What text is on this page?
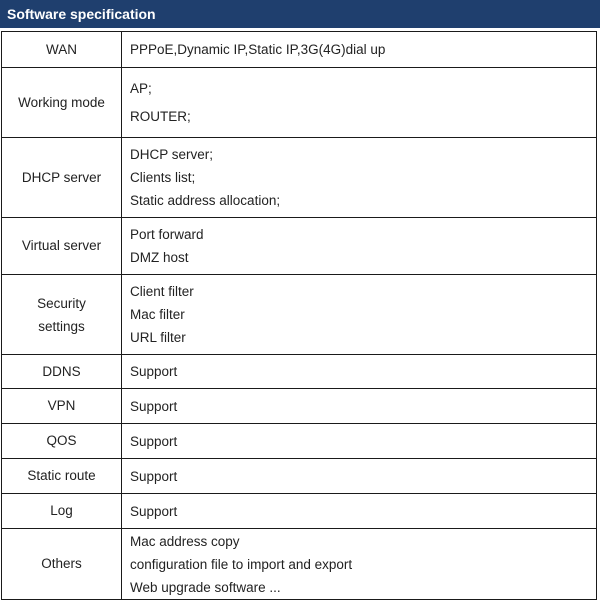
Software specification
WAN	PPPoE,Dynamic IP,Static IP,3G(4G)dial up

Working mode	AP;
ROUTER;

DHCP server	DHCP server;
Clients list;
Static address allocation;

Virtual server	Port forward
DMZ host

Security
settings	Client filter
Mac filter
URL filter

DDNS	Support

VPN	Support

QOS	Support

Static route	Support

Log	Support

Others	Mac address copy
configuration file to import and export
Web upgrade software ...
